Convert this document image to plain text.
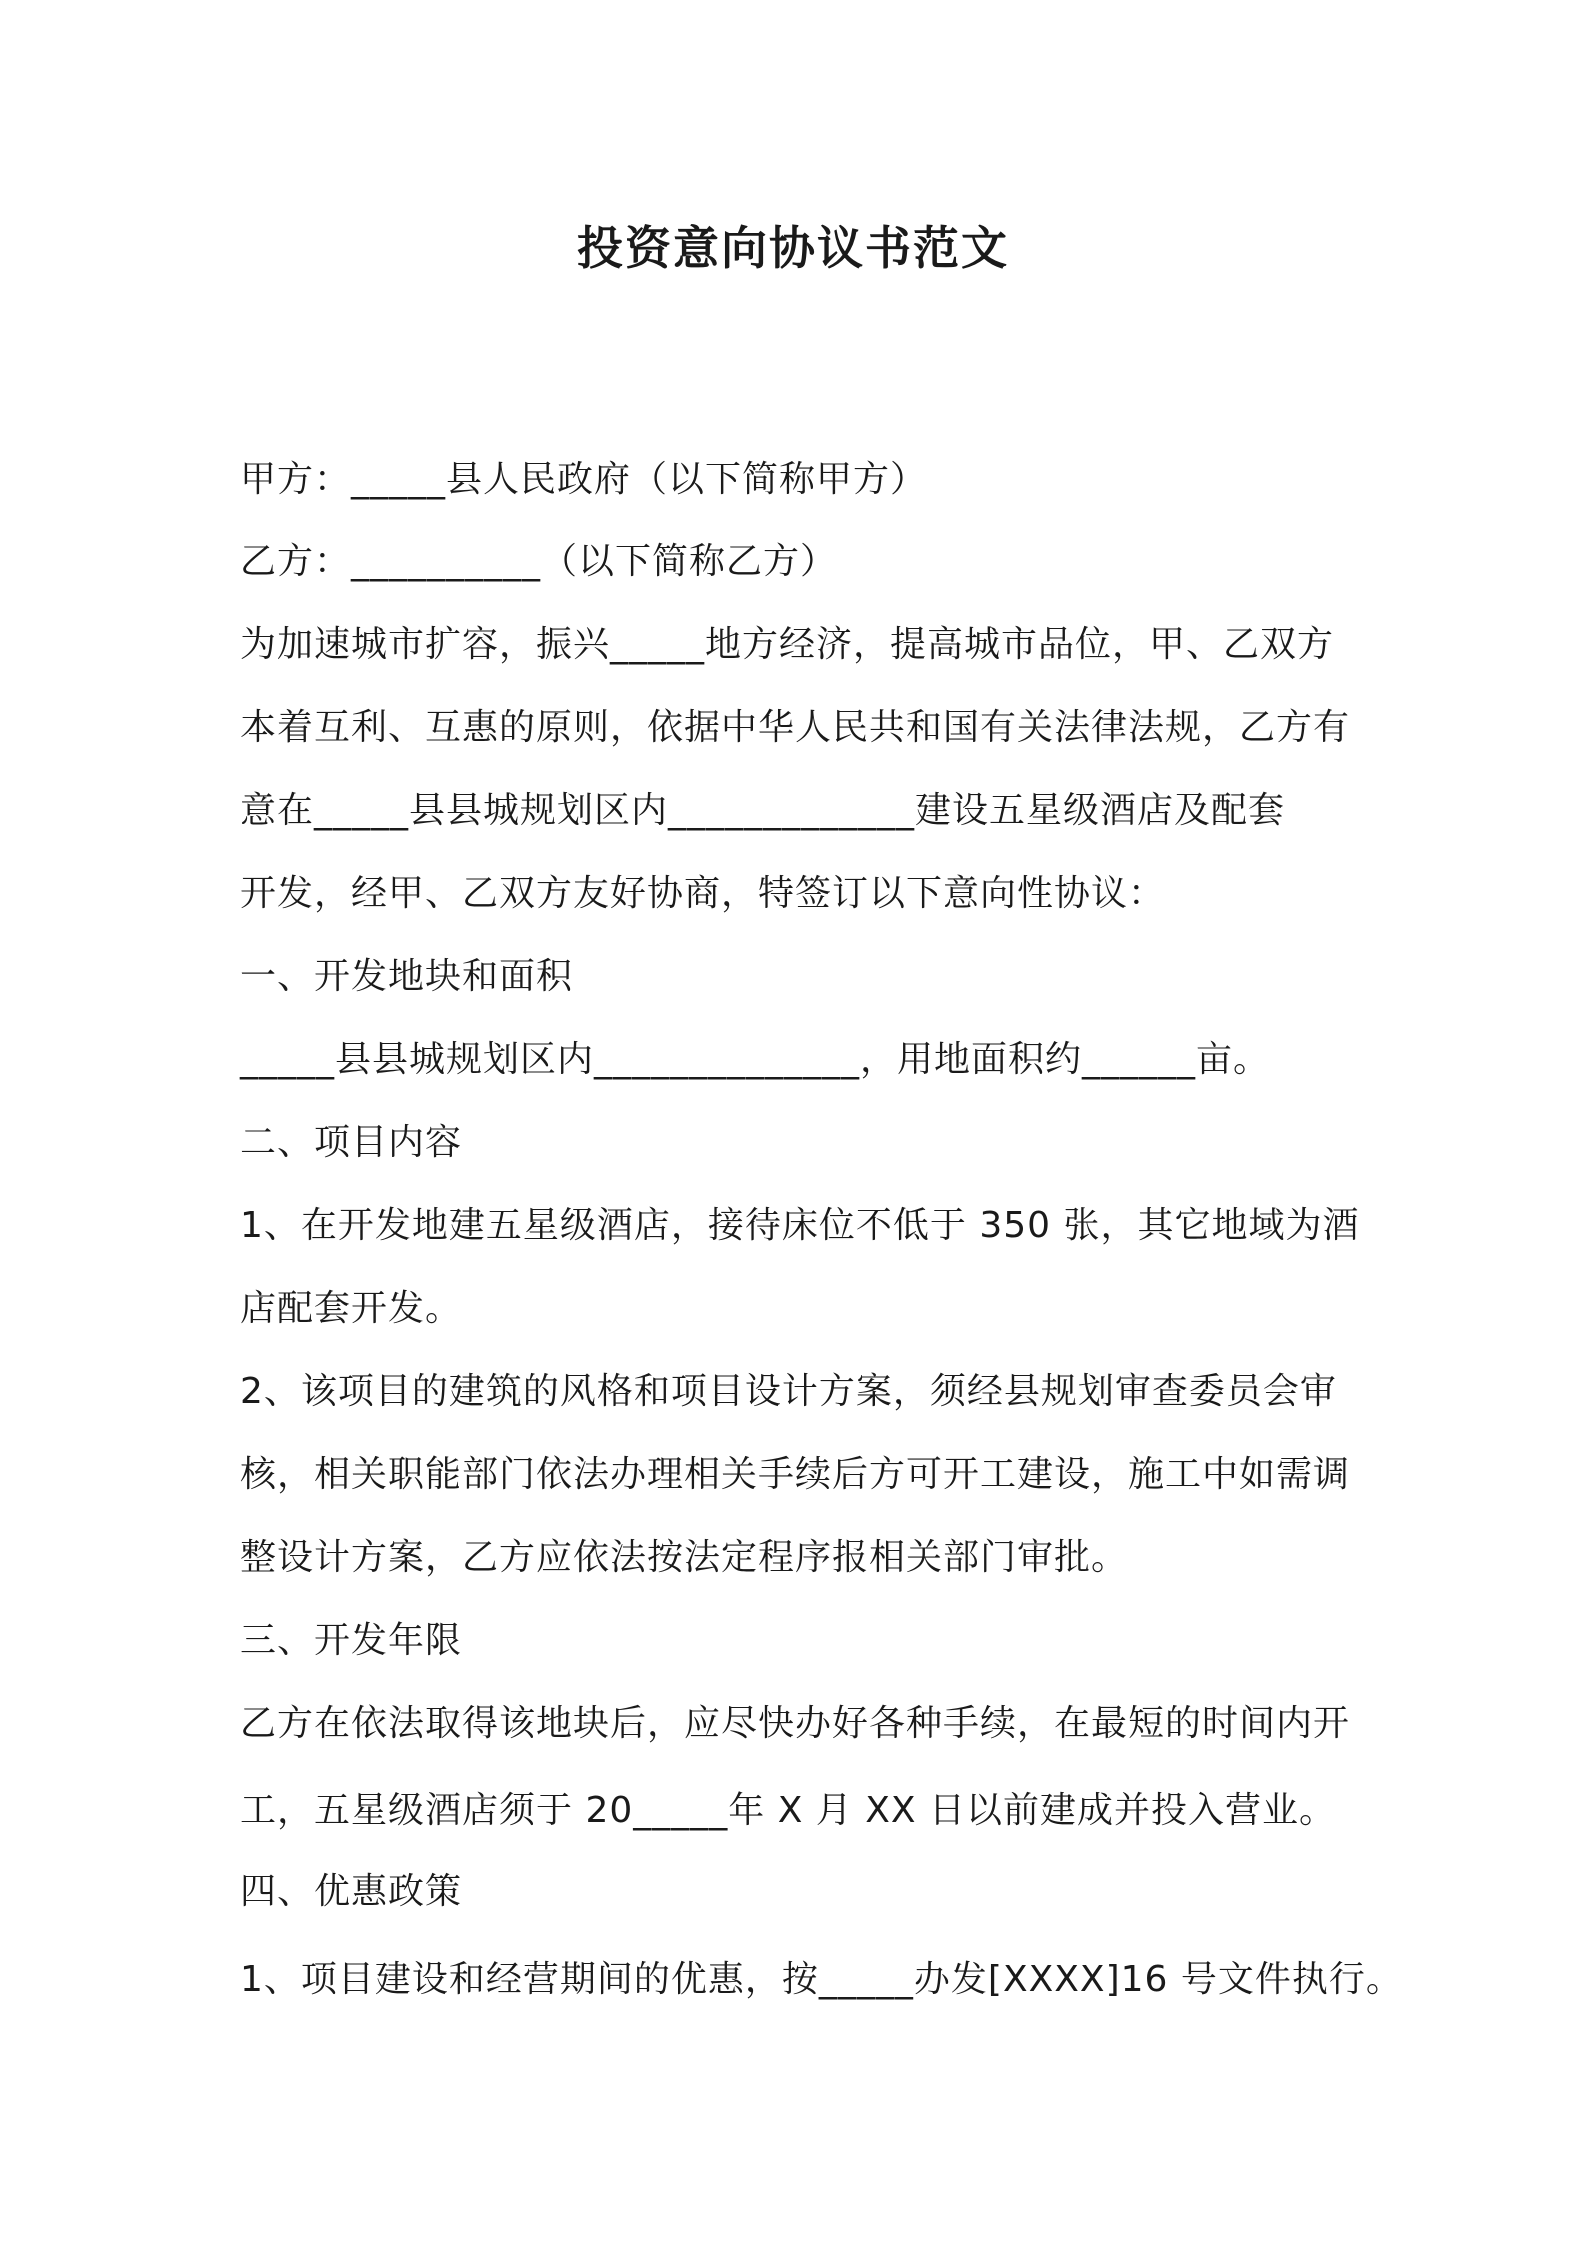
投资意向协议书范文

甲方：_____县人民政府（以下简称甲方）

乙方：__________（以下简称乙方）

为加速城市扩容，振兴_____地方经济，提高城市品位，甲、乙双方

本着互利、互惠的原则，依据中华人民共和国有关法律法规，乙方有

意在_____县县城规划区内_____________建设五星级酒店及配套

开发，经甲、乙双方友好协商，特签订以下意向性协议：

一、开发地块和面积

_____县县城规划区内______________，用地面积约______亩。

二、项目内容

1、在开发地建五星级酒店，接待床位不低于 350 张，其它地域为酒

店配套开发。

2、该项目的建筑的风格和项目设计方案，须经县规划审查委员会审

核，相关职能部门依法办理相关手续后方可开工建设，施工中如需调

整设计方案，乙方应依法按法定程序报相关部门审批。

三、开发年限

乙方在依法取得该地块后，应尽快办好各种手续，在最短的时间内开

工，五星级酒店须于 20_____年 X 月 XX 日以前建成并投入营业。

四、优惠政策

1、项目建设和经营期间的优惠，按_____办发[XXXX]16 号文件执行。
